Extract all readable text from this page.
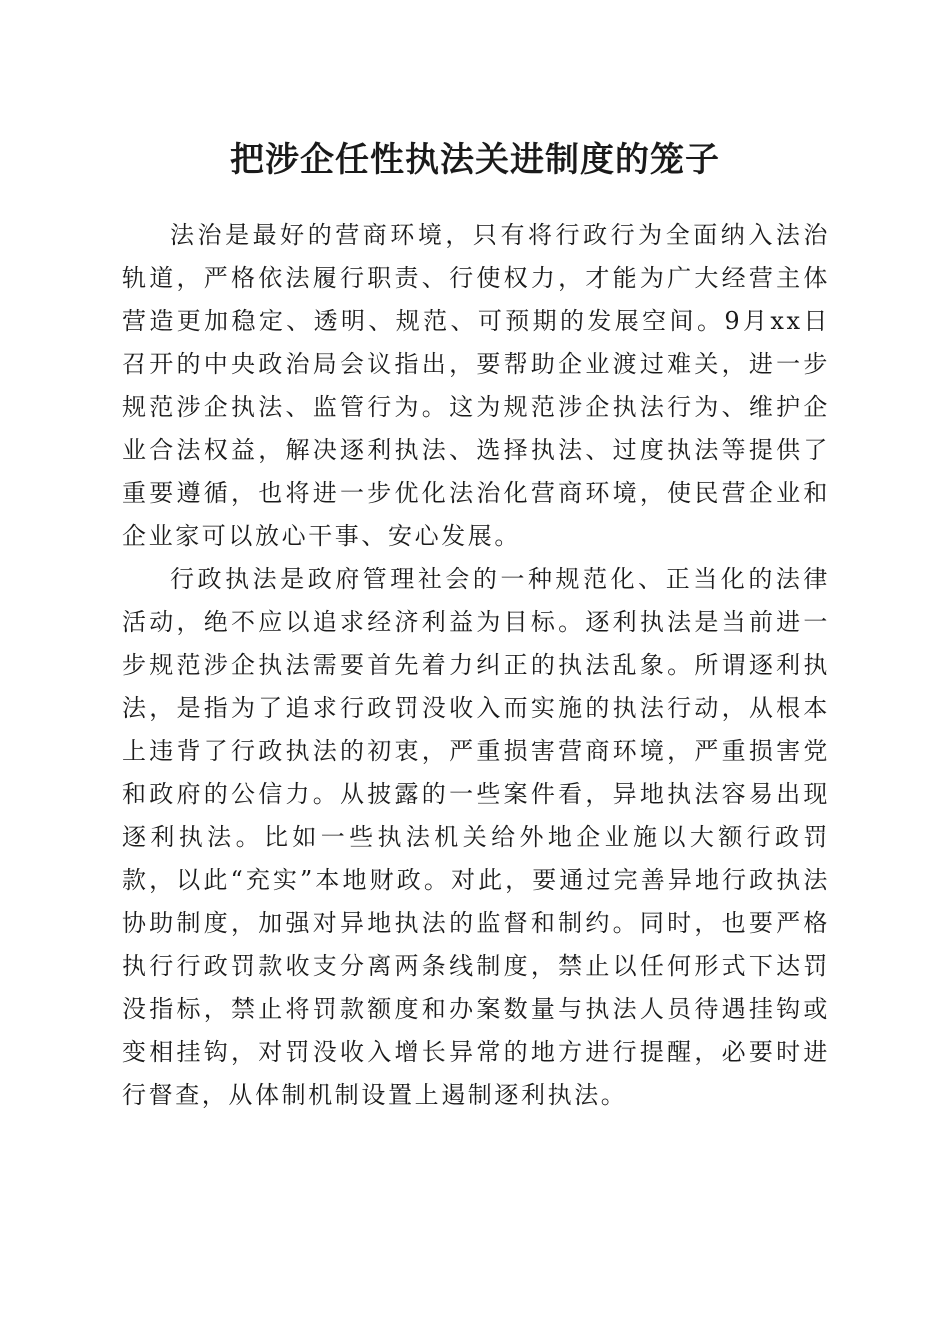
把涉企任性执法关进制度的笼子

法治是最好的营商环境，只有将行政行为全面纳入法治轨道，严格依法履行职责、行使权力，才能为广大经营主体营造更加稳定、透明、规范、可预期的发展空间。9月xx日召开的中央政治局会议指出，要帮助企业渡过难关，进一步规范涉企执法、监管行为。这为规范涉企执法行为、维护企业合法权益，解决逐利执法、选择执法、过度执法等提供了重要遵循，也将进一步优化法治化营商环境，使民营企业和企业家可以放心干事、安心发展。

行政执法是政府管理社会的一种规范化、正当化的法律活动，绝不应以追求经济利益为目标。逐利执法是当前进一步规范涉企执法需要首先着力纠正的执法乱象。所谓逐利执法，是指为了追求行政罚没收入而实施的执法行动，从根本上违背了行政执法的初衷，严重损害营商环境，严重损害党和政府的公信力。从披露的一些案件看，异地执法容易出现逐利执法。比如一些执法机关给外地企业施以大额行政罚款，以此“充实”本地财政。对此，要通过完善异地行政执法协助制度，加强对异地执法的监督和制约。同时，也要严格执行行政罚款收支分离两条线制度，禁止以任何形式下达罚没指标，禁止将罚款额度和办案数量与执法人员待遇挂钩或变相挂钩，对罚没收入增长异常的地方进行提醒，必要时进行督查，从体制机制设置上遏制逐利执法。
